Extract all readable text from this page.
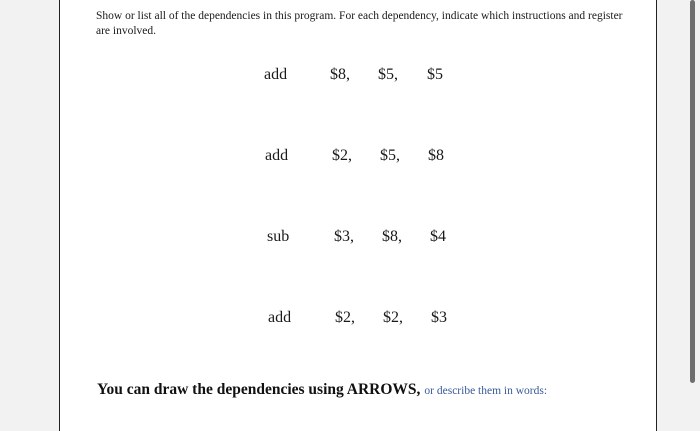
Show or list all of the dependencies in this program. For each dependency, indicate which instructions and register are involved.
add	$8, $5, $5
add	$2, $5, $8
sub	$3, $8, $4
add	$2, $2, $3
You can draw the dependencies using ARROWS, or describe them in words:
